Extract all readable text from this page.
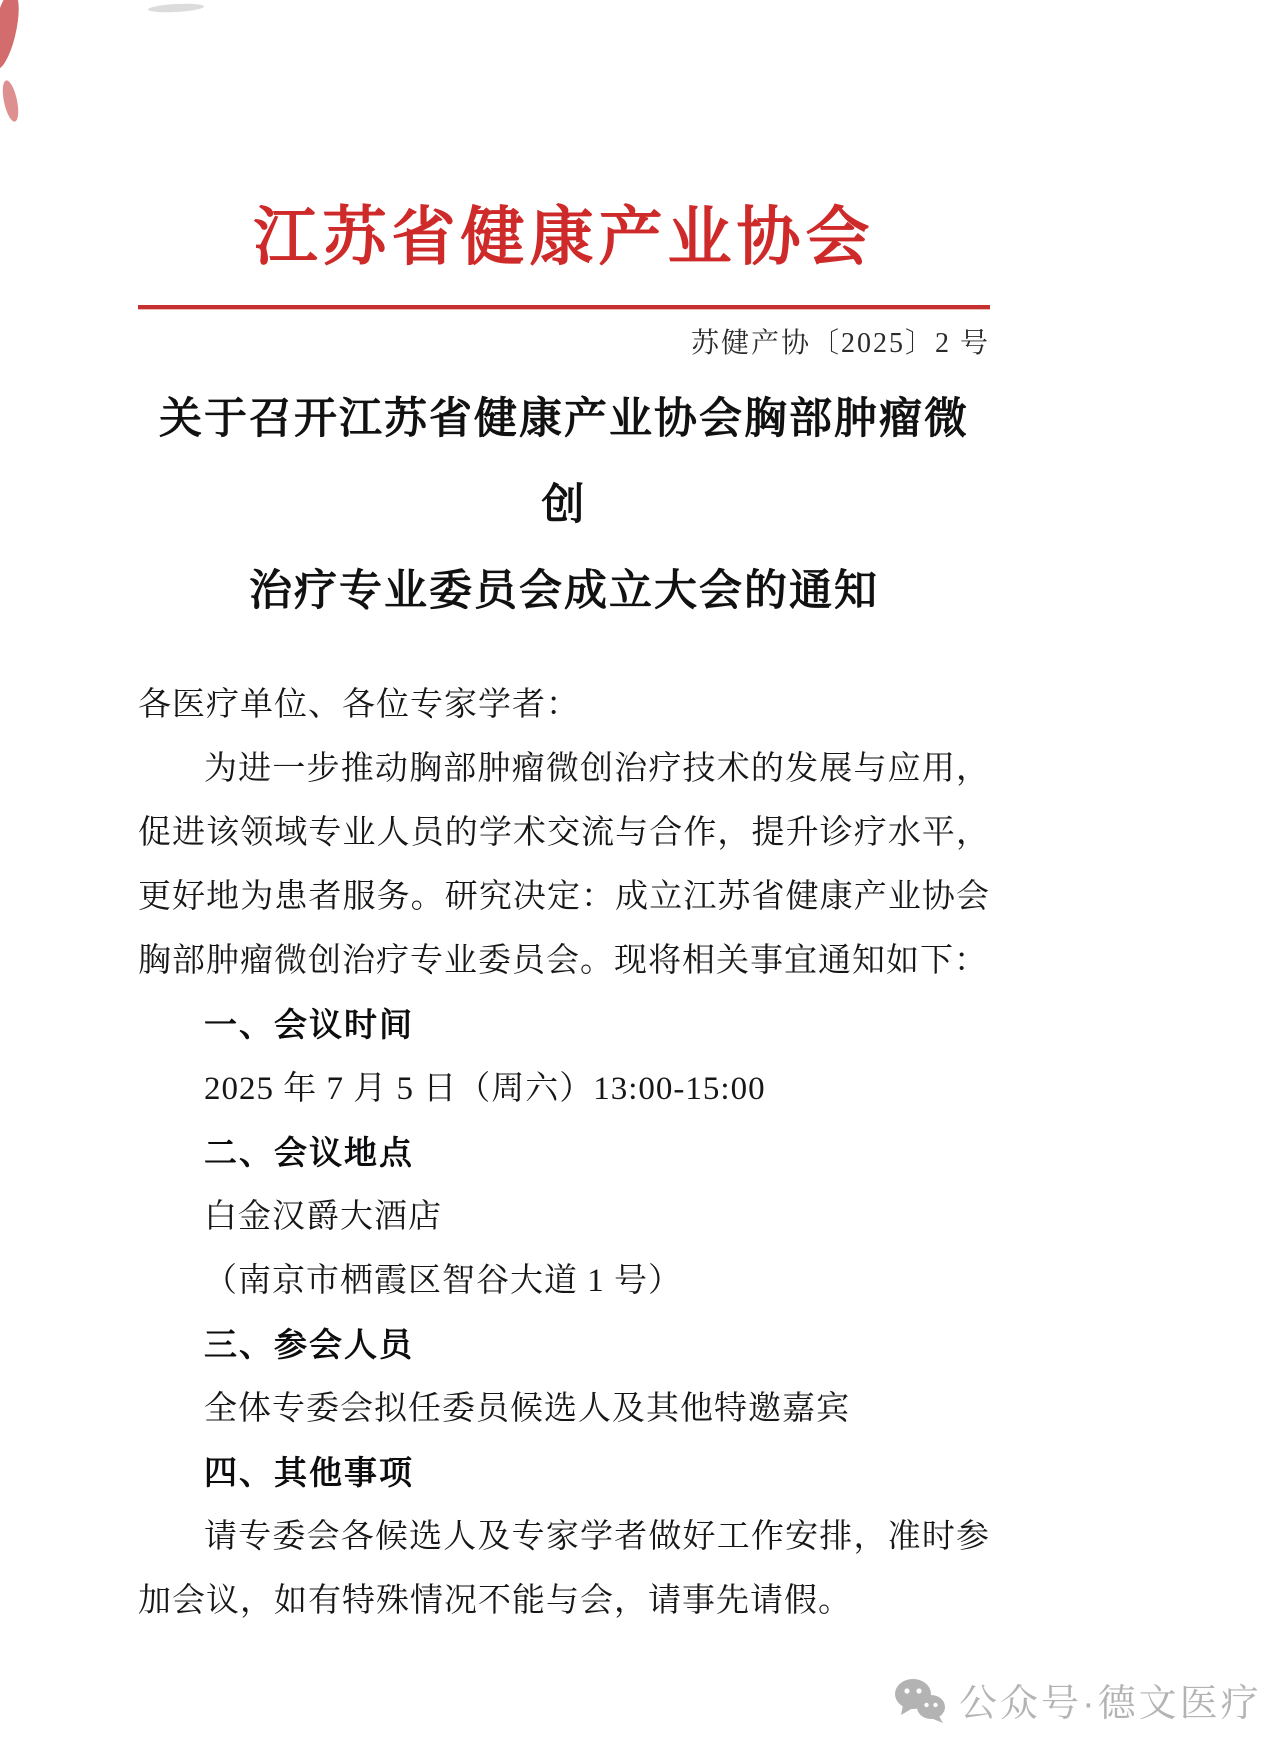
江苏省健康产业协会
苏健产协〔2025〕2 号
关于召开江苏省健康产业协会胸部肿瘤微创
治疗专业委员会成立大会的通知
各医疗单位、各位专家学者：

为进一步推动胸部肿瘤微创治疗技术的发展与应用，促进该领域专业人员的学术交流与合作，提升诊疗水平，更好地为患者服务。研究决定：成立江苏省健康产业协会胸部肿瘤微创治疗专业委员会。现将相关事宜通知如下：

一、会议时间
2025 年 7 月 5 日（周六）13:00-15:00
二、会议地点
白金汉爵大酒店
（南京市栖霞区智谷大道 1 号）
三、参会人员
全体专委会拟任委员候选人及其他特邀嘉宾
四、其他事项

请专委会各候选人及专家学者做好工作安排，准时参加会议，如有特殊情况不能与会，请事先请假。

公众号·德文医疗
